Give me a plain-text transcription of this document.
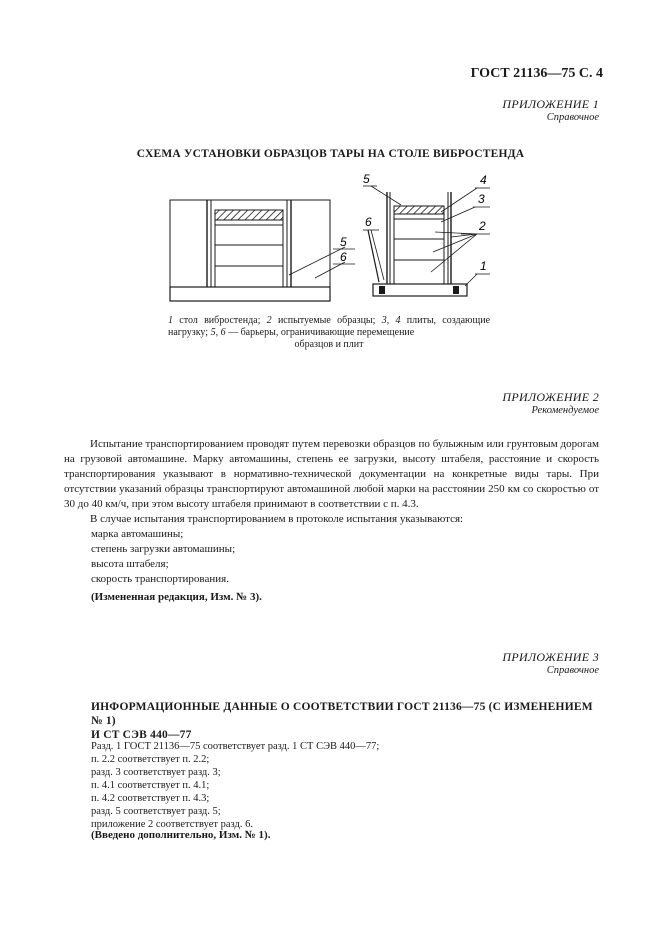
ГОСТ 21136—75 С. 4
ПРИЛОЖЕНИЕ 1
Справочное
СХЕМА УСТАНОВКИ ОБРАЗЦОВ ТАРЫ НА СТОЛЕ ВИБРОСТЕНДА
5
6
5	4
3
6	2
1
1 стол вибростенда; 2 испытуемые образцы; 3, 4 плиты, создающие нагрузку; 5, 6 — барьеры, ограничивающие перемещение
образцов и плит
ПРИЛОЖЕНИЕ 2
Рекомендуемое
Испытание транспортированием проводят путем перевозки образцов по булыжным или грунтовым дорогам на грузовой автомашине. Марку автомашины, степень ее загрузки, высоту штабеля, расстояние и скорость транспортирования указывают в нормативно-технической документации на конкретные виды тары. При отсутствии указаний образцы транспортируют автомашиной любой марки на расстоянии 250 км со скоростью от 30 до 40 км/ч, при этом высоту штабеля принимают в соответствии с п. 4.3.
В случае испытания транспортированием в протоколе испытания указываются:
марка автомашины;
степень загрузки автомашины;
высота штабеля;
скорость транспортирования.
(Измененная редакция, Изм. № 3).
ПРИЛОЖЕНИЕ 3
Справочное
ИНФОРМАЦИОННЫЕ ДАННЫЕ О СООТВЕТСТВИИ ГОСТ 21136—75 (С ИЗМЕНЕНИЕМ № 1)
И СТ СЭВ 440—77
Разд. 1 ГОСТ 21136—75 соответствует разд. 1 СТ СЭВ 440—77;
п. 2.2 соответствует п. 2.2;
разд. 3 соответствует разд. 3;
п. 4.1 соответствует п. 4.1;
п. 4.2 соответствует п. 4.3;
разд. 5 соответствует разд. 5;
приложение 2 соответствует разд. 6.
(Введено дополнительно, Изм. № 1).
